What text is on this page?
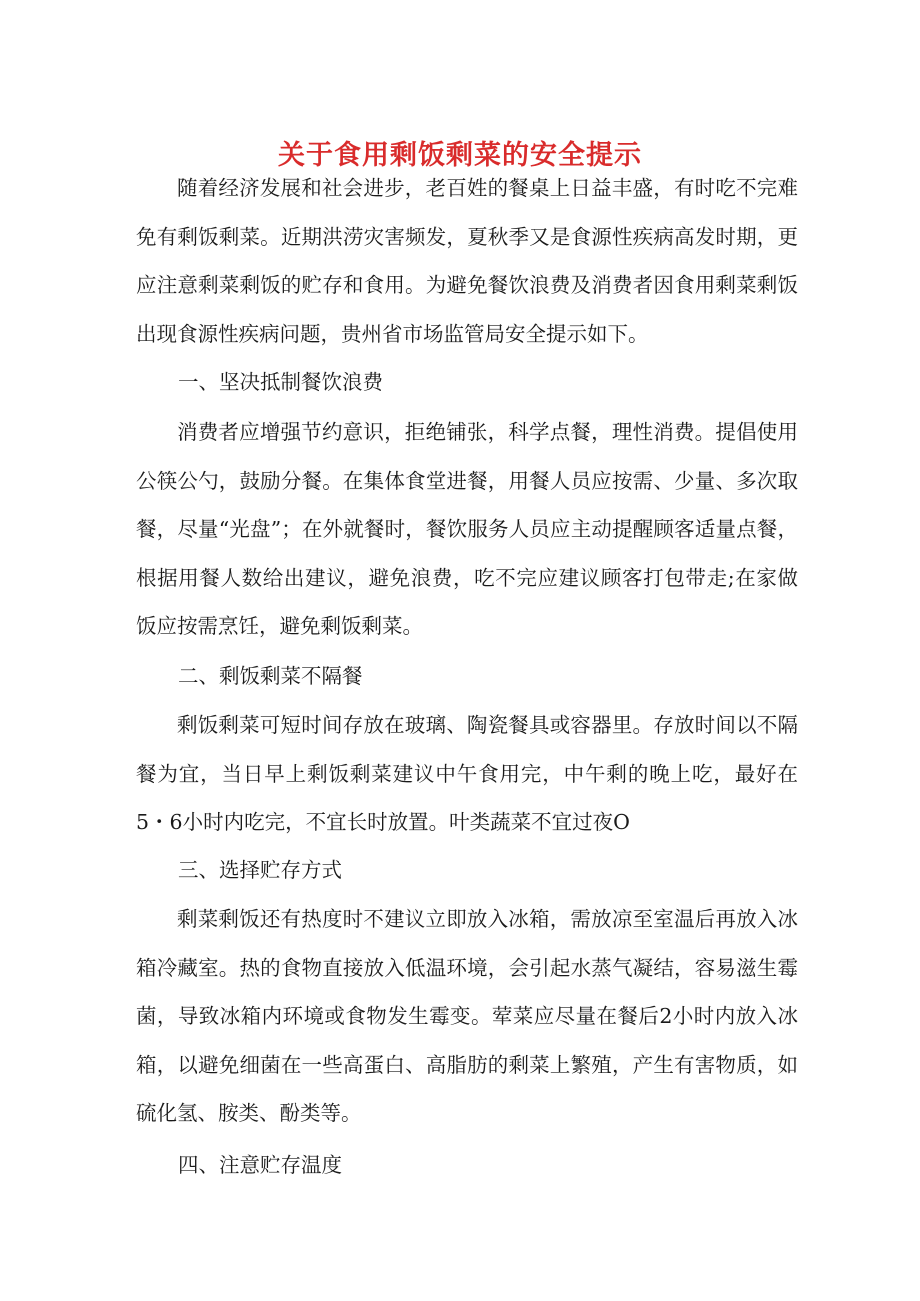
关于食用剩饭剩菜的安全提示

随着经济发展和社会进步，老百姓的餐桌上日益丰盛，有时吃不完难免有剩饭剩菜。近期洪涝灾害频发，夏秋季又是食源性疾病高发时期，更应注意剩菜剩饭的贮存和食用。为避免餐饮浪费及消费者因食用剩菜剩饭出现食源性疾病问题，贵州省市场监管局安全提示如下。

一、坚决抵制餐饮浪费

消费者应增强节约意识，拒绝铺张，科学点餐，理性消费。提倡使用公筷公勺，鼓励分餐。在集体食堂进餐，用餐人员应按需、少量、多次取餐，尽量“光盘”；在外就餐时，餐饮服务人员应主动提醒顾客适量点餐，根据用餐人数给出建议，避免浪费，吃不完应建议顾客打包带走;在家做饭应按需烹饪，避免剩饭剩菜。

二、剩饭剩菜不隔餐

剩饭剩菜可短时间存放在玻璃、陶瓷餐具或容器里。存放时间以不隔餐为宜，当日早上剩饭剩菜建议中午食用完，中午剩的晚上吃，最好在5・6小时内吃完，不宜长时放置。叶类蔬菜不宜过夜O

三、选择贮存方式

剩菜剩饭还有热度时不建议立即放入冰箱，需放凉至室温后再放入冰箱冷藏室。热的食物直接放入低温环境，会引起水蒸气凝结，容易滋生霉菌，导致冰箱内环境或食物发生霉变。荤菜应尽量在餐后2小时内放入冰箱，以避免细菌在一些高蛋白、高脂肪的剩菜上繁殖，产生有害物质，如硫化氢、胺类、酚类等。

四、注意贮存温度
